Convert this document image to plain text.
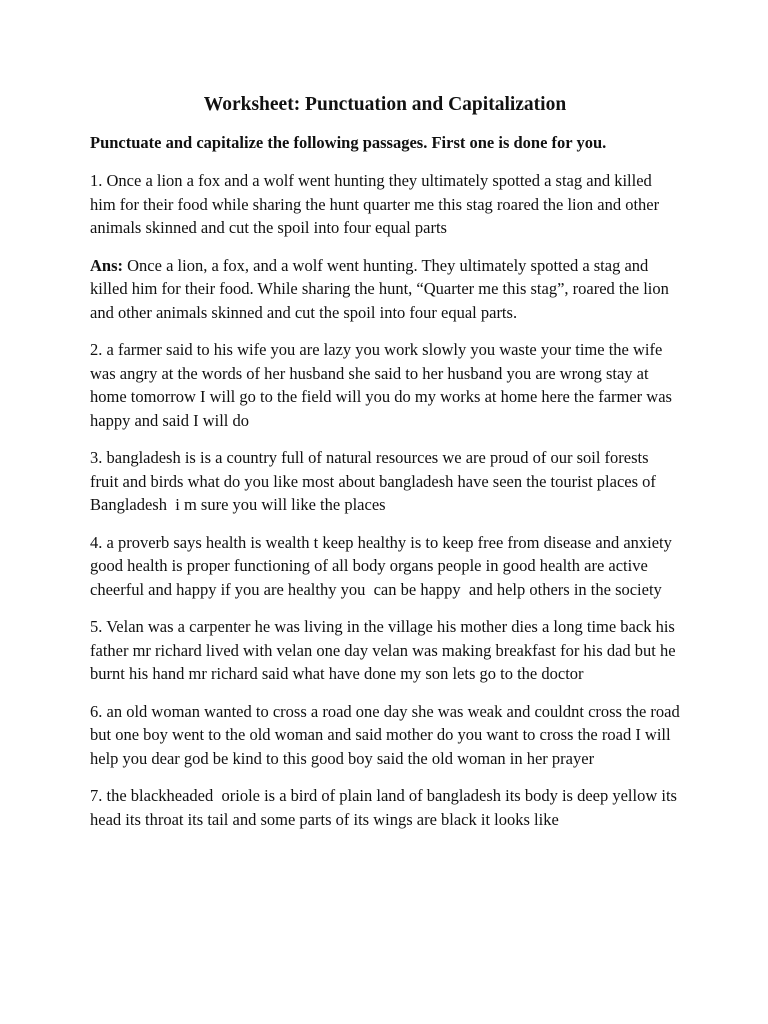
Worksheet: Punctuation and Capitalization

Punctuate and capitalize the following passages. First one is done for you.

1. Once a lion a fox and a wolf went hunting they ultimately spotted a stag and killed him for their food while sharing the hunt quarter me this stag roared the lion and other animals skinned and cut the spoil into four equal parts

Ans: Once a lion, a fox, and a wolf went hunting. They ultimately spotted a stag and killed him for their food. While sharing the hunt, “Quarter me this stag”, roared the lion and other animals skinned and cut the spoil into four equal parts.

2. a farmer said to his wife you are lazy you work slowly you waste your time the wife was angry at the words of her husband she said to her husband you are wrong stay at home tomorrow I will go to the field will you do my works at home here the farmer was happy and said I will do

3. bangladesh is is a country full of natural resources we are proud of our soil forests fruit and birds what do you like most about bangladesh have seen the tourist places of  Bangladesh  i m sure you will like the places

4. a proverb says health is wealth t keep healthy is to keep free from disease and anxiety good health is proper functioning of all body organs people in good health are active cheerful and happy if you are healthy you  can be happy  and help others in the society

5. Velan was a carpenter he was living in the village his mother dies a long time back his father mr richard lived with velan one day velan was making breakfast for his dad but he burnt his hand mr richard said what have done my son lets go to the doctor

6. an old woman wanted to cross a road one day she was weak and couldnt cross the road but one boy went to the old woman and said mother do you want to cross the road I will help you dear god be kind to this good boy said the old woman in her prayer

7. the blackheaded  oriole is a bird of plain land of bangladesh its body is deep yellow its head its throat its tail and some parts of its wings are black it looks like
